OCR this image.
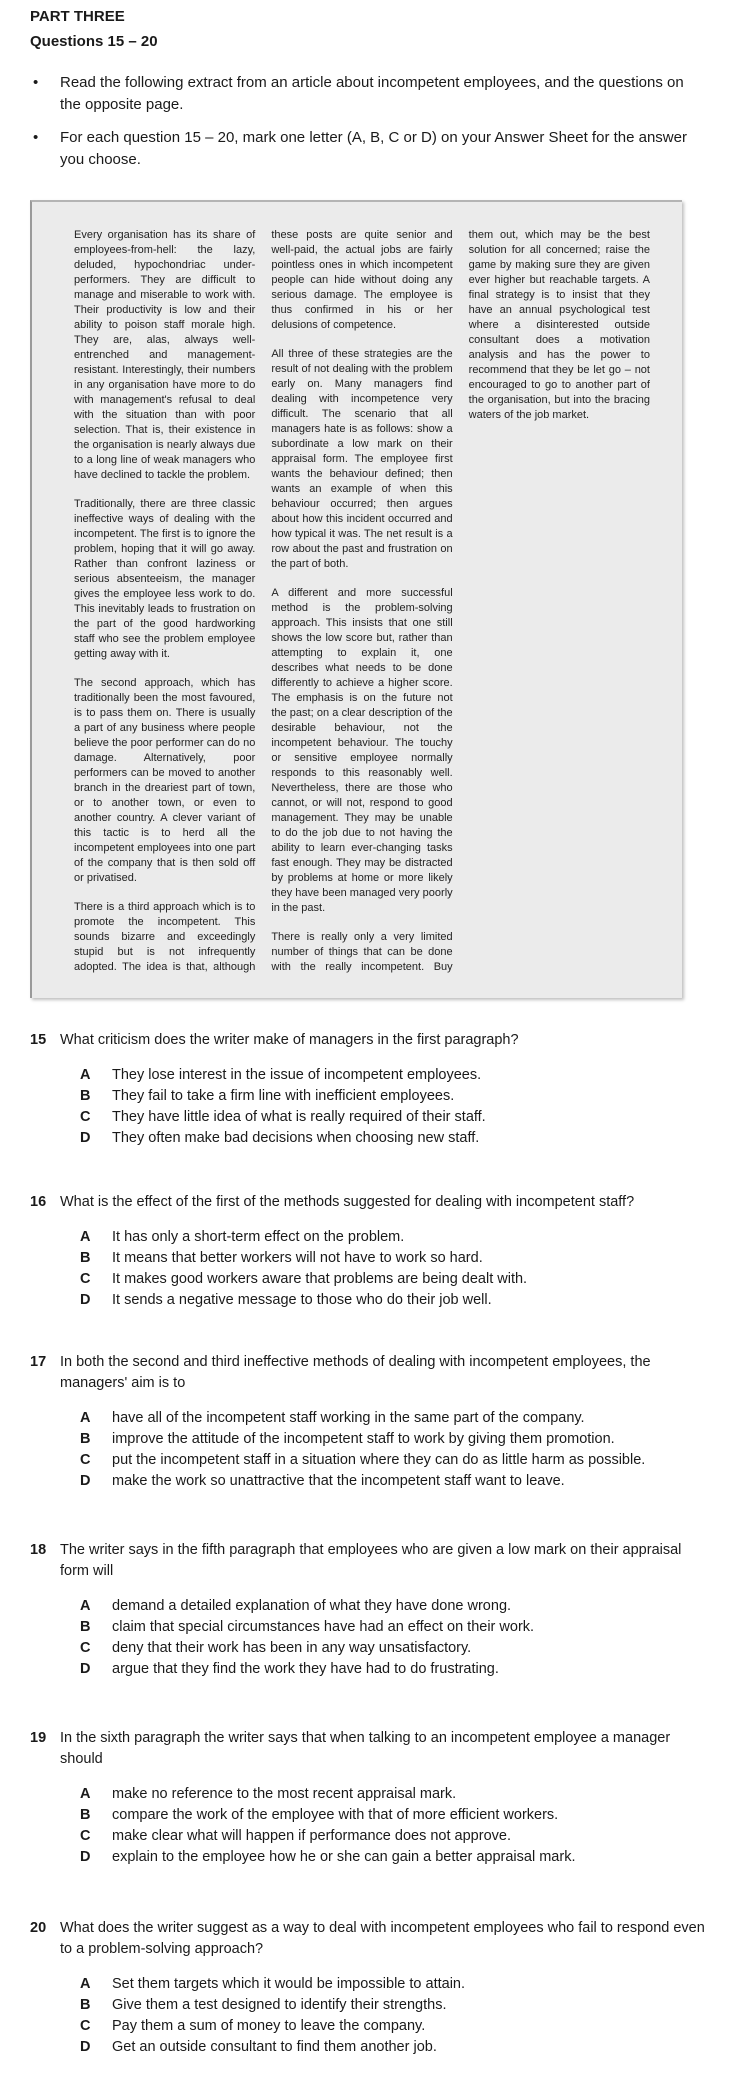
PART THREE
Questions 15 – 20
• Read the following extract from an article about incompetent employees, and the questions on the opposite page.
• For each question 15 – 20, mark one letter (A, B, C or D) on your Answer Sheet for the answer you choose.

Every organisation has its share of employees-from-hell: the lazy, deluded, hypochondriac under-performers. They are difficult to manage and miserable to work with. Their productivity is low and their ability to poison staff morale high. They are, alas, always well-entrenched and management-resistant. Interestingly, their numbers in any organisation have more to do with management's refusal to deal with the situation than with poor selection. That is, their existence in the organisation is nearly always due to a long line of weak managers who have declined to tackle the problem.

Traditionally, there are three classic ineffective ways of dealing with the incompetent. The first is to ignore the problem, hoping that it will go away. Rather than confront laziness or serious absenteeism, the manager gives the employee less work to do. This inevitably leads to frustration on the part of the good hardworking staff who see the problem employee getting away with it.

The second approach, which has traditionally been the most favoured, is to pass them on. There is usually a part of any business where people believe the poor performer can do no damage. Alternatively, poor performers can be moved to another branch in the dreariest part of town, or to another town, or even to another country. A clever variant of this tactic is to herd all the incompetent employees into one part of the company that is then sold off or privatised.

There is a third approach which is to promote the incompetent. This sounds bizarre and exceedingly stupid but is not infrequently adopted. The idea is that, although these posts are quite senior and well-paid, the actual jobs are fairly pointless ones in which incompetent people can hide without doing any serious damage. The employee is thus confirmed in his or her delusions of competence.

All three of these strategies are the result of not dealing with the problem early on. Many managers find dealing with incompetence very difficult. The scenario that all managers hate is as follows: show a subordinate a low mark on their appraisal form. The employee first wants the behaviour defined; then wants an example of when this behaviour occurred; then argues about how this incident occurred and how typical it was. The net result is a row about the past and frustration on the part of both.

A different and more successful method is the problem-solving approach. This insists that one still shows the low score but, rather than attempting to explain it, one describes what needs to be done differently to achieve a higher score. The emphasis is on the future not the past; on a clear description of the desirable behaviour, not the incompetent behaviour. The touchy or sensitive employee normally responds to this reasonably well. Nevertheless, there are those who cannot, or will not, respond to good management. They may be unable to do the job due to not having the ability to learn ever-changing tasks fast enough. They may be distracted by problems at home or more likely they have been managed very poorly in the past.

There is really only a very limited number of things that can be done with the really incompetent. Buy them out, which may be the best solution for all concerned; raise the game by making sure they are given ever higher but reachable targets. A final strategy is to insist that they have an annual psychological test where a disinterested outside consultant does a motivation analysis and has the power to recommend that they be let go – not encouraged to go to another part of the organisation, but into the bracing waters of the job market.

15 What criticism does the writer make of managers in the first paragraph?
A They lose interest in the issue of incompetent employees.
B They fail to take a firm line with inefficient employees.
C They have little idea of what is really required of their staff.
D They often make bad decisions when choosing new staff.
16 What is the effect of the first of the methods suggested for dealing with incompetent staff?
A It has only a short-term effect on the problem.
B It means that better workers will not have to work so hard.
C It makes good workers aware that problems are being dealt with.
D It sends a negative message to those who do their job well.
17 In both the second and third ineffective methods of dealing with incompetent employees, the managers' aim is to
A have all of the incompetent staff working in the same part of the company.
B improve the attitude of the incompetent staff to work by giving them promotion.
C put the incompetent staff in a situation where they can do as little harm as possible.
D make the work so unattractive that the incompetent staff want to leave.
18 The writer says in the fifth paragraph that employees who are given a low mark on their appraisal form will
A demand a detailed explanation of what they have done wrong.
B claim that special circumstances have had an effect on their work.
C deny that their work has been in any way unsatisfactory.
D argue that they find the work they have had to do frustrating.
19 In the sixth paragraph the writer says that when talking to an incompetent employee a manager should
A make no reference to the most recent appraisal mark.
B compare the work of the employee with that of more efficient workers.
C make clear what will happen if performance does not approve.
D explain to the employee how he or she can gain a better appraisal mark.
20 What does the writer suggest as a way to deal with incompetent employees who fail to respond even to a problem-solving approach?
A Set them targets which it would be impossible to attain.
B Give them a test designed to identify their strengths.
C Pay them a sum of money to leave the company.
D Get an outside consultant to find them another job.
